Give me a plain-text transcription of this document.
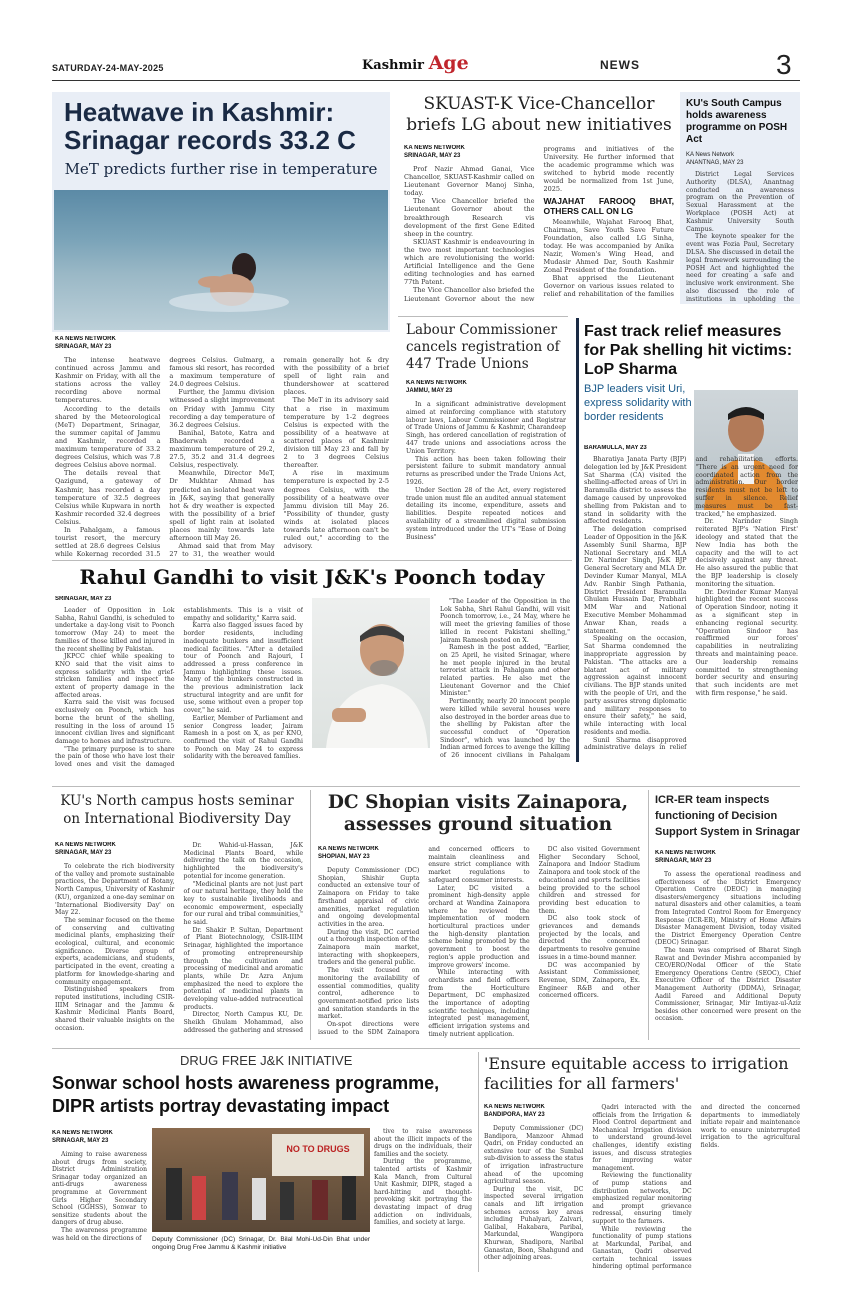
SATURDAY-24-MAY-2025	Kashmir Age	NEWS	3
Heatwave in Kashmir: Srinagar records 33.2 C
MeT predicts further rise in temperature
KA NEWS NETWORK
SRINAGAR, MAY 23

The intense heatwave continued across Jammu and Kashmir on Friday, with all the stations across the valley recording above normal temperatures.

According to the details shared by the Meteorological (MeT) Department, Srinagar, the summer capital of Jammu and Kashmir, recorded a maximum temperature of 33.2 degrees Celsius, which was 7.8 degrees Celsius above normal.

The details reveal that Qazigund, a gateway of Kashmir, has recorded a day temperature of 32.5 degrees Celsius while Kupwara in north Kashmir recorded 32.4 degrees Celsius.

In Pahalgam, a famous tourist resort, the mercury settled at 28.6 degrees Celsius while Kokernag recorded 31.5 degrees Celsius. Gulmarg, a famous ski resort, has recorded a maximum temperature of 24.0 degrees Celsius.

Further, the Jammu division witnessed a slight improvement on Friday with Jammu City recording a day temperature of 36.2 degrees Celsius.

Banihal, Batote, Katra and Bhaderwah recorded a maximum temperature of 29.2, 27.5, 35.2 and 31.4 degrees Celsius, respectively.

Meanwhile, Director MeT, Dr Mukhtar Ahmad has predicted an isolated heat wave in J&K, saying that generally hot & dry weather is expected with the possibility of a brief spell of light rain at isolated places mainly towards late afternoon till May 26.

Ahmad said that from May 27 to 31, the weather would remain generally hot & dry with the possibility of a brief spell of light rain and thundershower at scattered places.

The MeT in its advisory said that a rise in maximum temperature by 1-2 degrees Celsius is expected with the possibility of a heatwave at scattered places of Kashmir division till May 23 and fall by 2 to 3 degrees Celsius thereafter.

A rise in maximum temperature is expected by 2-5 degrees Celsius, with the possibility of a heatwave over Jammu division till May 26. "Possibility of thunder, gusty winds at isolated places towards late afternoon can't be ruled out," according to the advisory.

SKUAST-K Vice-Chancellor briefs LG about new initiatives
KA NEWS NETWORK
SRINAGAR, MAY 23

Prof Nazir Ahmad Ganai, Vice Chancellor, SKUAST-Kashmir called on Lieutenant Governor Manoj Sinha, today.

The Vice Chancellor briefed the Lieutenant Governor about the breakthrough Research vis development of the first Gene Edited sheep in the country.

SKUAST Kashmir is endeavouring in the two most important technologies which are revolutionising the world: Artificial Intelligence and the Gene editing technologies and has earned 77th Patent.

The Vice Chancellor also briefed the Lieutenant Governor about the new programs and initiatives of the University. He further informed that the academic programme which was switched to hybrid mode recently would be normalized from 1st June, 2025.

WAJAHAT FAROOQ BHAT, OTHERS CALL ON LG

Meanwhile, Wajahat Farooq Bhat, Chairman, Save Youth Save Future Foundation, also called LG Sinha, today. He was accompanied by Anika Nazir, Women's Wing Head, and Mudasir Ahmed Dar, South Kashmir Zonal President of the foundation.

Bhat apprised the Lieutenant Governor on various issues related to relief and rehabilitation of the families

KU's South Campus holds awareness programme on POSH Act
KA News Network
ANANTNAG, MAY 23

District Legal Services Authority (DLSA), Anantnag conducted an awareness program on the Prevention of Sexual Harassment at the Workplace (POSH Act) at Kashmir University South Campus.

The keynote speaker for the event was Fozia Paul, Secretary DLSA. She discussed in detail the legal framework surrounding the POSH Act and highlighted the need for creating a safe and inclusive work environment. She also discussed the role of institutions in upholding the

Labour Commissioner cancels registration of 447 Trade Unions
KA NEWS NETWORK
JAMMU, MAY 23

In a significant administrative development aimed at reinforcing compliance with statutory labour laws, Labour Commissioner and Registrar of Trade Unions of Jammu & Kashmir, Charandeep Singh, has ordered cancellation of registration of 447 trade unions and associations across the Union Territory.

This action has been taken following their persistent failure to submit mandatory annual returns as prescribed under the Trade Unions Act, 1926.

Under Section 28 of the Act, every registered trade union must file an audited annual statement detailing its income, expenditure, assets and liabilities. Despite repeated notices and availability of a streamlined digital submission system introduced under the UT's "Ease of Doing Business"

Fast track relief measures for Pak shelling hit victims: LoP Sharma
BJP leaders visit Uri, express solidarity with border residents
BARAMULLA, MAY 23

Bharatiya Janata Party (BJP) delegation led by J&K President Sat Sharma (CA) visited the shelling-affected areas of Uri in Baramulla district to assess the damage caused by unprovoked shelling from Pakistan and to stand in solidarity with the affected residents.

The delegation comprised Leader of Opposition in the J&K Assembly Sunil Sharma, BJP National Secretary and MLA Dr. Narinder Singh, J&K BJP General Secretary and MLA Dr. Devinder Kumar Manyal, MLA Adv. Ranbir Singh Pathania, District President Baramulla Ghulam Hussain Dar, Prabhari MM War and National Executive Member Mohammad Anwar Khan, reads a statement.

Speaking on the occasion, Sat Sharma condemned the inappropriate aggression by Pakistan. "The attacks are a blatant act of military aggression against innocent civilians. The BJP stands united with the people of Uri, and the party assures strong diplomatic and military responses to ensure their safety," he said, while interacting with local residents and media.

Sunil Sharma disapproved administrative delays in relief and rehabilitation efforts. "There is an urgent need for coordinated action from the administration. Our border residents must not be left to suffer in silence. Relief measures must be fast-tracked," he emphasized.

Dr. Narinder Singh reiterated BJP's 'Nation First' ideology and stated that the New India has both the capacity and the will to act decisively against any threat. He also assured the public that the BJP leadership is closely monitoring the situation.

Dr. Devinder Kumar Manyal highlighted the recent success of Operation Sindoor, noting it as a significant step in enhancing regional security. "Operation Sindoor has reaffirmed our forces' capabilities in neutralizing threats and maintaining peace. Our leadership remains committed to strengthening border security and ensuring that such incidents are met with firm response," he said.

Rahul Gandhi to visit J&K's Poonch today
SRINAGAR, MAY 23

Leader of Opposition in Lok Sabha, Rahul Gandhi, is scheduled to undertake a day-long visit to Poonch tomorrow (May 24) to meet the families of those killed and injured in the recent shelling by Pakistan.

JKPCC chief while speaking to KNO said that the visit aims to express solidarity with the grief-stricken families and inspect the extent of property damage in the affected areas.

Karra said the visit was focused exclusively on Poonch, which has borne the brunt of the shelling, resulting in the loss of around 15 innocent civilian lives and significant damage to homes and infrastructure.

"The primary purpose is to share the pain of those who have lost their loved ones and visit the damaged establishments. This is a visit of empathy and solidarity," Karra said.

Karra also flagged issues faced by border residents, including inadequate bunkers and insufficient medical facilities. "After a detailed tour of Poonch and Rajouri, I addressed a press conference in Jammu highlighting these issues. Many of the bunkers constructed in the previous administration lack structural integrity and are unfit for use, some without even a proper top cover," he said.

Earlier, Member of Parliament and senior Congress leader, Jairam Ramesh in a post on X, as per KNO, confirmed the visit of Rahul Gandhi to Poonch on May 24 to express solidarity with the bereaved families.

"The Leader of the Opposition in the Lok Sabha, Shri Rahul Gandhi, will visit Poonch tomorrow, i.e., 24 May, where he will meet the grieving families of those killed in recent Pakistani shelling," Jairam Ramesh posted on X.

Ramesh in the post added, "Earlier, on 25 April, he visited Srinagar, where he met people injured in the brutal terrorist attack in Pahalgam and other related parties. He also met the Lieutenant Governor and the Chief Minister."

Pertinently, nearly 20 innocent people were killed while several houses were also destroyed in the border areas due to the shelling by Pakistan after the successful conduct of "Operation Sindoor", which was launched by the Indian armed forces to avenge the killing of 26 innocent civilians in Pahalgam

KU's North campus hosts seminar on International Biodiversity Day
KA NEWS NETWORK
SRINAGAR, MAY 23

To celebrate the rich biodiversity of the valley and promote sustainable practices, the Department of Botany, North Campus, University of Kashmir (KU), organized a one-day seminar on 'International Biodiversity Day' on May 22.

The seminar focused on the theme of conserving and cultivating medicinal plants, emphasizing their ecological, cultural, and economic significance. Diverse group of experts, academicians, and students, participated in the event, creating a platform for knowledge-sharing and community engagement.

Distinguished speakers from reputed institutions, including CSIR-IIIM Srinagar and the Jammu & Kashmir Medicinal Plants Board, shared their valuable insights on the occasion.

Dr. Wahid-ul-Hassan, J&K Medicinal Plants Board, while delivering the talk on the occasion, highlighted the biodiversity's potential for income generation.

"Medicinal plants are not just part of our natural heritage, they hold the key to sustainable livelihoods and economic empowerment, especially for our rural and tribal communities," he said.

Dr. Shakir P. Sultan, Department of Plant Biotechnology, CSIR-IIIM Srinagar, highlighted the importance of promoting entrepreneurship through the cultivation and processing of medicinal and aromatic plants, while Dr. Azra Anjum emphasized the need to explore the potential of medicinal plants in developing value-added nutraceutical products.

Director, North Campus KU, Dr. Sheikh Ghulam Mohammad, also addressed the gathering and stressed

DC Shopian visits Zainapora, assesses ground situation
KA NEWS NETWORK
SHOPIAN, MAY 23

Deputy Commissioner (DC) Shopian, Shishir Gupta conducted an extensive tour of Zainapora on Friday to take firsthand appraisal of civic amenities, market regulation and ongoing developmental activities in the area.

During the visit, DC carried out a thorough inspection of the Zainapora main market, interacting with shopkeepers, traders and the general public.

The visit focused on monitoring the availability of essential commodities, quality control, adherence to government-notified price lists and sanitation standards in the market.

On-spot directions were issued to the SDM Zainapora and concerned officers to maintain cleanliness and ensure strict compliance with market regulations to safeguard consumer interests.

Later, DC visited a prominent high-density apple orchard at Wandina Zainapora where he reviewed the implementation of modern horticultural practices under the high-density plantation scheme being promoted by the government to boost the region's apple production and improve growers' income.

While interacting with orchardists and field officers from the Horticulture Department, DC emphasized the importance of adopting scientific techniques, including integrated pest management, efficient irrigation systems and timely nutrient application.

DC also visited Government Higher Secondary School, Zainapora and Indoor Stadium Zainapora and took stock of the educational and sports facilities being provided to the school children and stressed for providing best education to them.

DC also took stock of grievances and demands projected by the locals, and directed the concerned departments to resolve genuine issues in a time-bound manner.

DC was accompanied by Assistant Commissioner, Revenue, SDM, Zainapora, Ex. Engineer R&B and other concerned officers.

ICR-ER team inspects functioning of Decision Support System in Srinagar
KA NEWS NETWORK
SRINAGAR, MAY 23

To assess the operational readiness and effectiveness of the District Emergency Operation Centre (DEOC) in managing disasters/emergency situations including natural disasters and other calamities, a team from Integrated Control Room for Emergency Response (ICR-ER), Ministry of Home Affairs Disaster Management Division, today visited the District Emergency Operation Centre (DEOC) Srinagar.

The team was comprised of Bharat Singh Rawat and Devinder Mishra accompanied by CEO/ERO/Nodal Officer of the State Emergency Operations Centre (SEOC), Chief Executive Officer of the District Disaster Management Authority (DDMA), Srinagar, Aadil Fareed and Additional Deputy Commissioner, Srinagar, Mir Imtiyaz-ul-Aziz besides other concerned were present on the occasion.

DRUG FREE J&K INITIATIVE
Sonwar school hosts awareness programme, DIPR artists portray devastating impact
KA NEWS NETWORK
SRINAGAR, MAY 23

Aiming to raise awareness about drugs from society, District Administration Srinagar today organized an anti-drugs awareness programme at Government Girls Higher Secondary School (GGHSS), Sonwar to sensitize students about the dangers of drug abuse.

The awareness programme was held on the directions of

NO TO DRUGS
Deputy Commissioner (DC) Srinagar, Dr. Bilal Mohi-Ud-Din Bhat under ongoing Drug Free Jammu & Kashmir initiative

tive to raise awareness about the illicit impacts of the drugs on the individuals, their families and the society.

During the programme, talented artists of Kashmir Kala Manch, from Cultural Unit Kashmir, DIPR, staged a hard-hitting and thought-provoking skit portraying the devastating impact of drug addiction on individuals, families, and society at large.

'Ensure equitable access to irrigation facilities for all farmers'
KA NEWS NETWORK
BANDIPORA, MAY 23

Deputy Commissioner (DC) Bandipora, Manzoor Ahmad Qadri, on Friday conducted an extensive tour of the Sumbal sub-division to assess the status of irrigation infrastructure ahead of the upcoming agricultural season.

During the visit, DC inspected several irrigation canals and lift irrigation schemes across key areas including Puhalyari, Zalvari, Galibal, Hakabara, Paribal, Markundal, Wangipora Khurwan, Shadipora, Naribal Ganastan, Boon, Shahgund and other adjoining areas.

Qadri interacted with the officials from the Irrigation & Flood Control department and Mechanical Irrigation division to understand ground-level challenges, identify existing issues, and discuss strategies for improving water management.

Reviewing the functionality of pump stations and distribution networks, DC emphasized regular monitoring and prompt grievance redressal, ensuring timely support to the farmers.

While reviewing the functionality of pump stations at Markundal, Paribal, and Ganastan, Qadri observed certain technical issues hindering optimal performance and directed the concerned departments to immediately initiate repair and maintenance work to ensure uninterrupted irrigation to the agricultural fields.
